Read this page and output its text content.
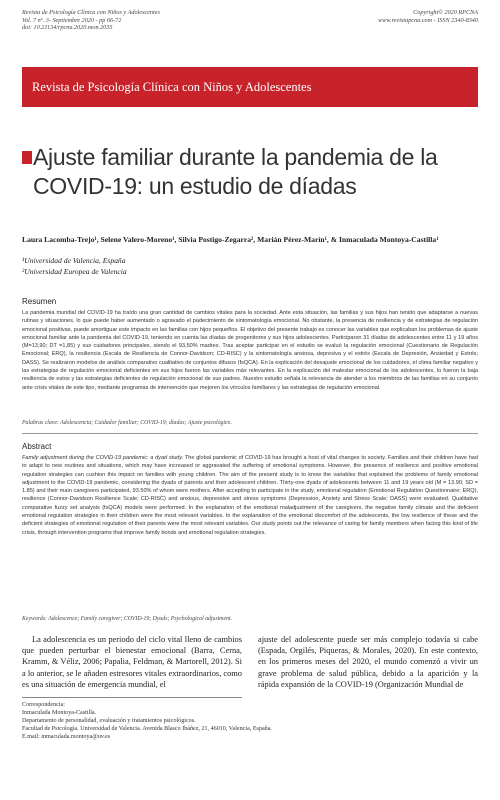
Revista de Psicología Clínica con Niños y Adolescentes
Vol. 7 nº. 3- Septiembre 2020 - pp 66-72
doi: 10.21134/rpcna.2020.mon.2035
Copyright© 2020 RPCNA
www.revistapcna.com - ISSN 2340-8340
Revista de Psicología Clínica con Niños y Adolescentes
Ajuste familiar durante la pandemia de la COVID-19: un estudio de díadas
Laura Lacomba-Trejo¹, Selene Valero-Moreno¹, Silvia Postigo-Zegarra², Marián Pérez-Marín¹, & Inmaculada Montoya-Castilla¹
¹Universidad de Valencia, España
²Universidad Europea de Valencia
Resumen

La pandemia mundial del COVID-19 ha traído una gran cantidad de cambios vitales para la sociedad. Ante esta situación, las familias y sus hijos han tenido que adaptarse a nuevas rutinas y situaciones, lo que puede haber aumentado o agravado el padecimiento de sintomatología emocional. No obstante, la presencia de resiliencia y de estrategias de regulación emocional positivas, puede amortiguar este impacto en las familias con hijos pequeños. El objetivo del presente trabajo es conocer las variables que explicaban los problemas de ajuste emocional familiar ante la pandemia del COVID-19, teniendo en cuenta las díadas de progenitores y sus hijos adolescentes. Participaron 31 díadas de adolescentes entre 11 y 19 años (M=13,90; DT =1,85) y sus cuidadores principales, siendo el 93,50% madres. Tras aceptar participar en el estudio se evaluó la regulación emocional (Cuestionario de Regulación Emocional; ERQ), la resiliencia (Escala de Resiliencia de Connor-Davidson; CD-RISC) y la sintomatología ansiosa, depresiva y el estrés (Escala de Depresión, Ansiedad y Estrés; DASS). Se realizaron modelos de análisis comparativo cualitativo de conjuntos difusos (fsQCA). En la explicación del desajuste emocional de los cuidadores, el clima familiar negativo y las estrategias de regulación emocional deficientes en sus hijos fueron las variables más relevantes. En la explicación del malestar emocional de los adolescentes, lo fueron la baja resiliencia de estos y las estrategias deficientes de regulación emocional de sus padres. Nuestro estudio señala la relevancia de atender a los miembros de las familias en su conjunto ante crisis vitales de este tipo, mediante programas de intervención que mejoren los vínculos familiares y las estrategias de regulación emocional.

Palabras clave: Adolescencia; Cuidador familiar; COVID-19; díadas; Ajuste psicológico.
Abstract

Family adjustment during the COVID-19 pandemic: a dyad study. The global pandemic of COVID-19 has brought a host of vital changes to society. Families and their children have had to adapt to new routines and situations, which may have increased or aggravated the suffering of emotional symptoms. However, the presence of resilience and positive emotional regulation strategies can cushion this impact on families with young children. The aim of the present study is to know the variables that explained the problems of family emotional adjustment to the COVID-19 pandemic, considering the dyads of parents and their adolescent children. Thirty-one dyads of adolescents between 11 and 19 years old (M = 13.90; SD = 1.85) and their main caregivers participated, 93.50% of whom were mothers. After accepting to participate in the study, emotional regulation (Emotional Regulation Questionnaire; ERQ), resilience (Connor-Davidson Resilience Scale; CD-RISC) and anxious, depressive and stress symptoms (Depression, Anxiety and Stress Scale; DASS) were evaluated. Qualitative comparative fuzzy set analysis (fsQCA) models were performed. In the explanation of the emotional maladjustment of the caregivers, the negative family climate and the deficient emotional regulation strategies in their children were the most relevant variables. In the explanation of the emotional discomfort of the adolescents, the low resilience of these and the deficient strategies of emotional regulation of their parents were the most relevant variables. Our study points out the relevance of caring for family members when facing this kind of life crisis, through intervention programs that improve family bonds and emotional regulation strategies.

Keywords: Adolescence; Family caregiver; COVID-19; Dyads; Psychological adjustment.

La adolescencia es un periodo del ciclo vital lleno de cambios que pueden perturbar el bienestar emocional (Barra, Cerna, Kramm, & Véliz, 2006; Papalia, Feldman, & Martorell, 2012). Si a lo anterior, se le añaden estresores vitales extraordinarios, como es una situación de emergencia mundial, el

ajuste del adolescente puede ser más complejo todavía si cabe (Espada, Orgilés, Piqueras, & Morales, 2020). En este contexto, en los primeros meses del 2020, el mundo comenzó a vivir un grave problema de salud pública, debido a la aparición y la rápida expansión de la COVID-19 (Organización Mundial de

Correspondencia:
Inmaculada Montoya-Castilla.
Departamento de personalidad, evaluación y tratamientos psicológicos.
Facultad de Psicología. Universidad de Valencia. Avenida Blasco Ibáñez, 21, 46010, Valencia, España.
E.mail: inmaculada.montoya@uv.es
